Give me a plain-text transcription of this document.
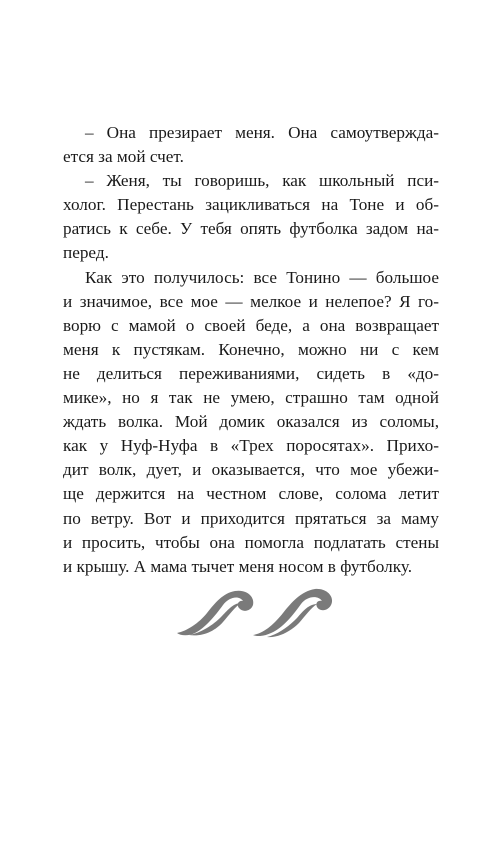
– Она презирает меня. Она самоутвержда-
ется за мой счет.
– Женя, ты говоришь, как школьный пси-
холог. Перестань зацикливаться на Тоне и об-
ратись к себе. У тебя опять футболка задом на-
перед.
Как это получилось: все Тонино — большое
и значимое, все мое — мелкое и нелепое? Я го-
ворю с мамой о своей беде, а она возвращает
меня к пустякам. Конечно, можно ни с кем
не делиться переживаниями, сидеть в «до-
мике», но я так не умею, страшно там одной
ждать волка. Мой домик оказался из соломы,
как у Нуф-Нуфа в «Трех поросятах». Прихо-
дит волк, дует, и оказывается, что мое убежи-
ще держится на честном слове, солома летит
по ветру. Вот и приходится прятаться за маму
и просить, чтобы она помогла подлатать стены
и крышу. А мама тычет меня носом в футболку.
